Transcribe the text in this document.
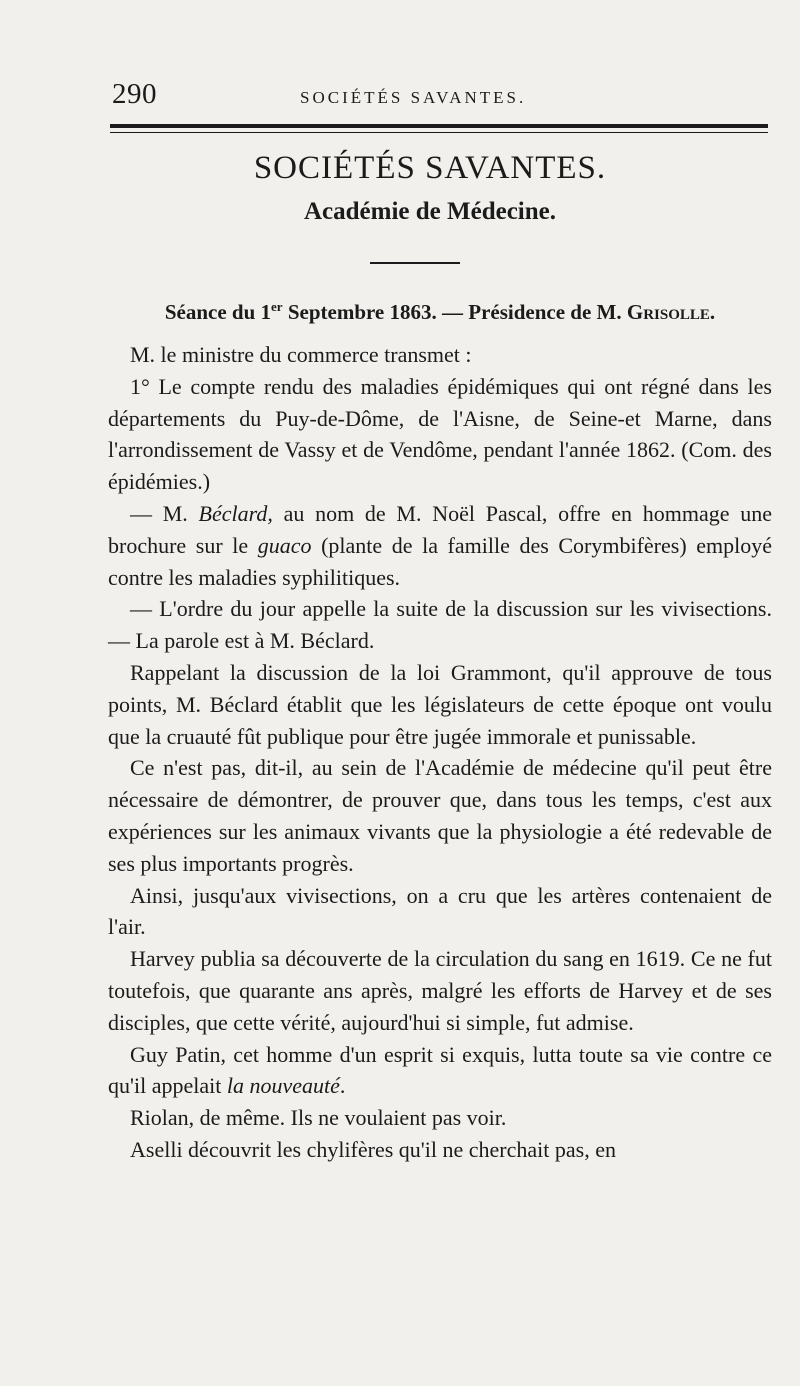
290	SOCIÉTÉS SAVANTES.
SOCIÉTÉS SAVANTES.
Académie de Médecine.
Séance du 1er Septembre 1863. — Présidence de M. Grisolle.

M. le ministre du commerce transmet :

1° Le compte rendu des maladies épidémiques qui ont régné dans les départements du Puy-de-Dôme, de l'Aisne, de Seine-et Marne, dans l'arrondissement de Vassy et de Vendôme, pendant l'année 1862. (Com. des épidémies.)

— M. Béclard, au nom de M. Noël Pascal, offre en hommage une brochure sur le guaco (plante de la famille des Corymbifères) employé contre les maladies syphilitiques.

— L'ordre du jour appelle la suite de la discussion sur les vivisections. — La parole est à M. Béclard.

Rappelant la discussion de la loi Grammont, qu'il approuve de tous points, M. Béclard établit que les législateurs de cette époque ont voulu que la cruauté fût publique pour être jugée immorale et punissable.

Ce n'est pas, dit-il, au sein de l'Académie de médecine qu'il peut être nécessaire de démontrer, de prouver que, dans tous les temps, c'est aux expériences sur les animaux vivants que la physiologie a été redevable de ses plus importants progrès.

Ainsi, jusqu'aux vivisections, on a cru que les artères contenaient de l'air.

Harvey publia sa découverte de la circulation du sang en 1619. Ce ne fut toutefois, que quarante ans après, malgré les efforts de Harvey et de ses disciples, que cette vérité, aujourd'hui si simple, fut admise.

Guy Patin, cet homme d'un esprit si exquis, lutta toute sa vie contre ce qu'il appelait la nouveauté.

Riolan, de même. Ils ne voulaient pas voir.

Aselli découvrit les chylifères qu'il ne cherchait pas, en
